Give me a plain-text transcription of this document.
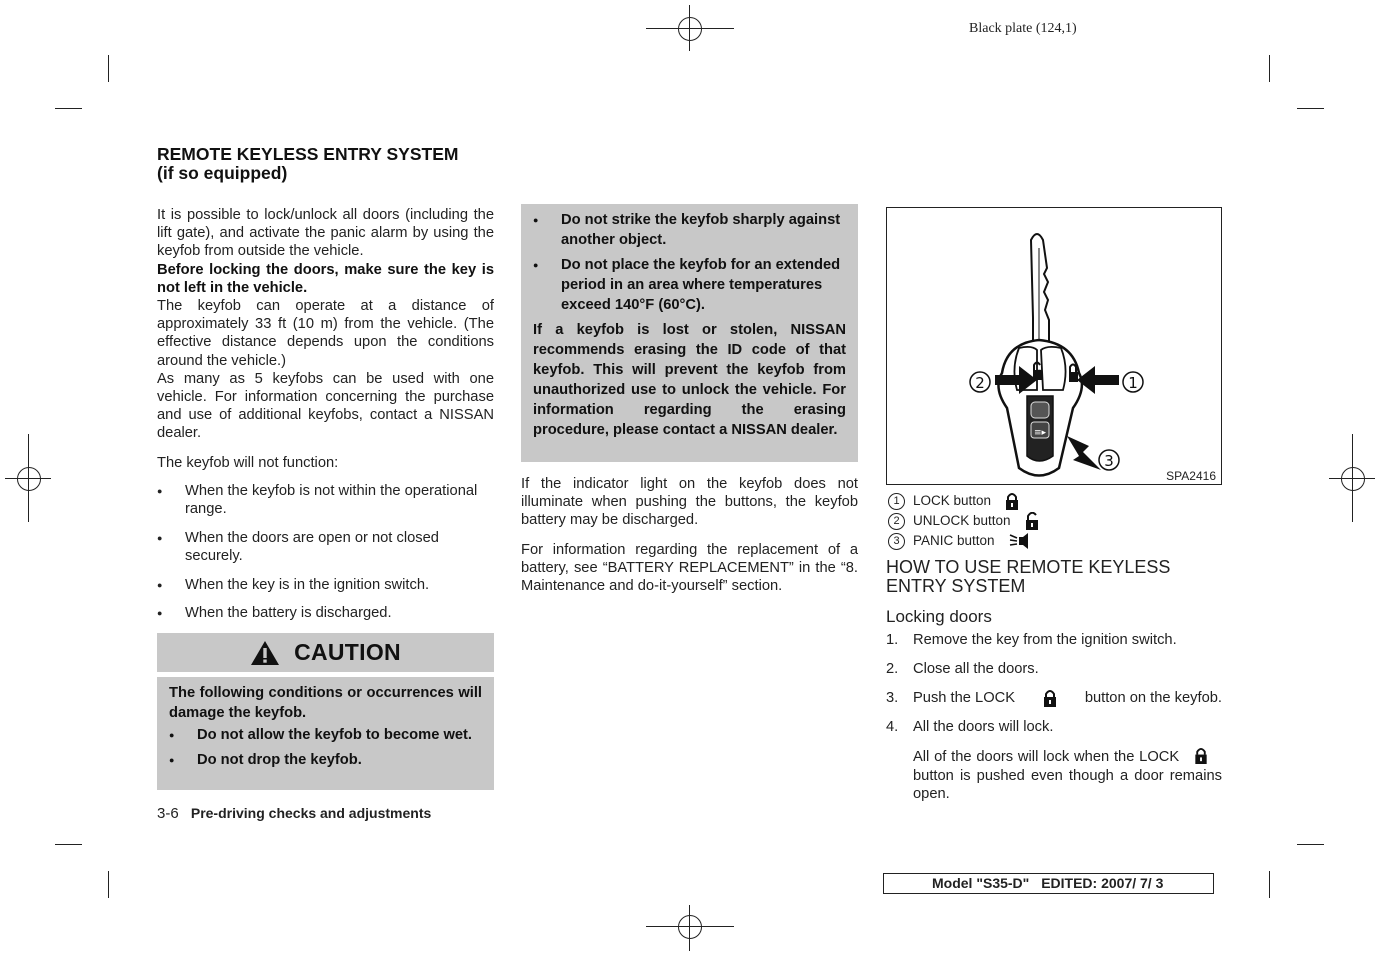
Black plate (124,1)
REMOTE KEYLESS ENTRY SYSTEM
(if so equipped)

It is possible to lock/unlock all doors (including the lift gate), and activate the panic alarm by using the keyfob from outside the vehicle.

Before locking the doors, make sure the key is not left in the vehicle.

The keyfob can operate at a distance of approximately 33 ft (10 m) from the vehicle. (The effective distance depends upon the conditions around the vehicle.)

As many as 5 keyfobs can be used with one vehicle. For information concerning the purchase and use of additional keyfobs, contact a NISSAN dealer.

The keyfob will not function:

● When the keyfob is not within the operational range.

● When the doors are open or not closed securely.

● When the key is in the ignition switch.

● When the battery is discharged.

CAUTION

The following conditions or occurrences will damage the keyfob.

● Do not allow the keyfob to become wet.

● Do not drop the keyfob.

3-6 Pre-driving checks and adjustments

● Do not strike the keyfob sharply against another object.

● Do not place the keyfob for an extended period in an area where temperatures exceed 140°F (60°C).

If a keyfob is lost or stolen, NISSAN recommends erasing the ID code of that keyfob. This will prevent the keyfob from unauthorized use to unlock the vehicle. For information regarding the erasing procedure, please contact a NISSAN dealer.

If the indicator light on the keyfob does not illuminate when pushing the buttons, the keyfob battery may be discharged.

For information regarding the replacement of a battery, see “BATTERY REPLACEMENT” in the “8. Maintenance and do-it-yourself” section.

≡▸
2	1
3
SPA2416
1 LOCK button
2 UNLOCK button
3 PANIC button
HOW TO USE REMOTE KEYLESS ENTRY SYSTEM
Locking doors
1. Remove the key from the ignition switch.
2. Close all the doors.
3. Push the LOCK	button on the keyfob.
4. All the doors will lock.
All of the doors will lock when the LOCK button is pushed even though a door remains open.
Model "S35-D" EDITED: 2007/ 7/ 3
